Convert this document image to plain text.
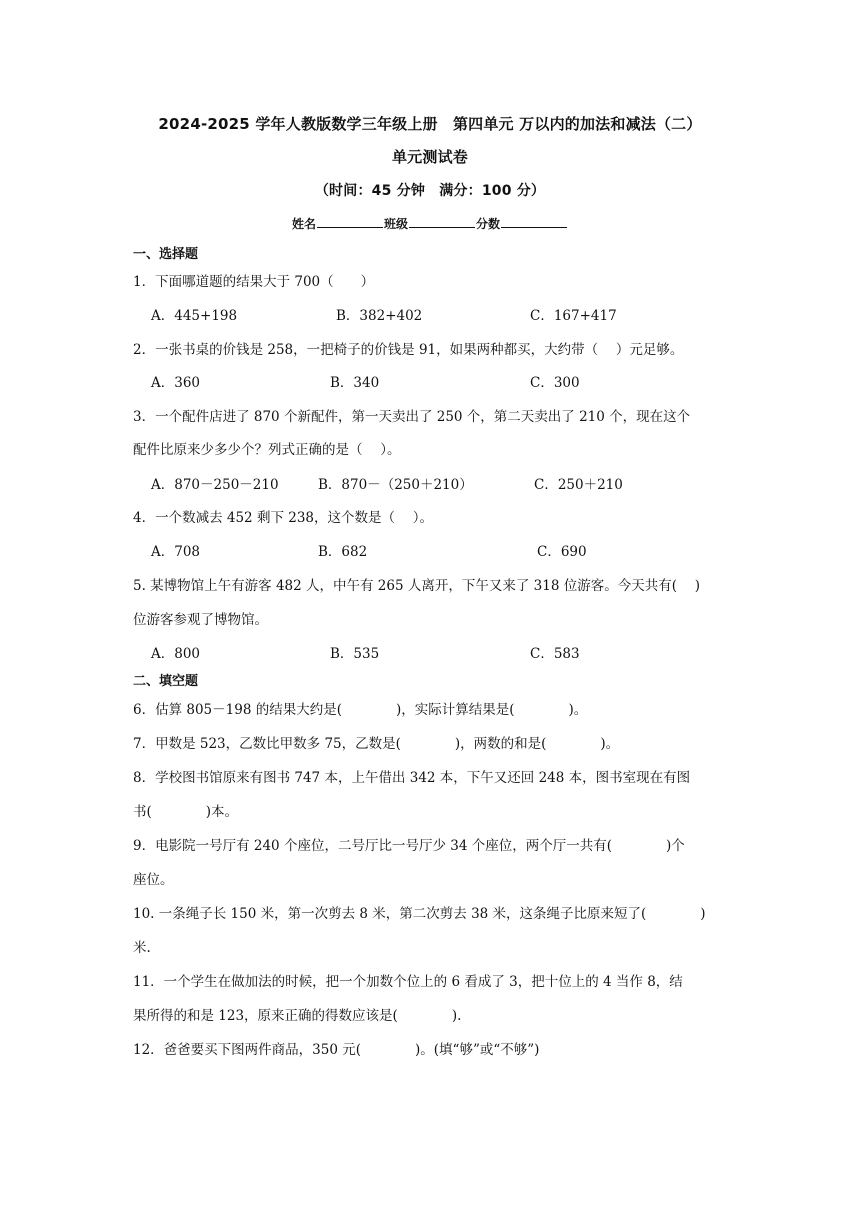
2024-2025 学年人教版数学三年级上册　第四单元 万以内的加法和减法（二）
单元测试卷
（时间：45 分钟　满分：100 分）
姓名	班级	分数
一、选择题
1．下面哪道题的结果大于 700（　　）
A．445+198	B．382+402	C．167+417
2．一张书桌的价钱是 258，一把椅子的价钱是 91，如果两种都买，大约带（　 ）元足够。
A．360	B．340	C．300
3．一个配件店进了 870 个新配件，第一天卖出了 250 个，第二天卖出了 210 个，现在这个
配件比原来少多少个？列式正确的是（　 ）。
A．870－250－210	B．870－（250＋210）	C．250＋210
4．一个数减去 452 剩下 238，这个数是（　 ）。
A．708	B．682	C．690
5. 某博物馆上午有游客 482 人，中午有 265 人离开，下午又来了 318 位游客。今天共有(　 )
位游客参观了博物馆。
A．800	B．535	C．583
二、填空题
6．估算 805－198 的结果大约是(　　　　)，实际计算结果是(　　　　)。
7．甲数是 523，乙数比甲数多 75，乙数是(　　　　)，两数的和是(　　　　)。
8．学校图书馆原来有图书 747 本，上午借出 342 本，下午又还回 248 本，图书室现在有图
书(　　　　)本。
9．电影院一号厅有 240 个座位，二号厅比一号厅少 34 个座位，两个厅一共有(　　　　)个
座位。
10. 一条绳子长 150 米，第一次剪去 8 米，第二次剪去 38 米，这条绳子比原来短了(　　　　)
米.
11．一个学生在做加法的时候，把一个加数个位上的 6 看成了 3，把十位上的 4 当作 8，结
果所得的和是 123，原来正确的得数应该是(　　　　).
12．爸爸要买下图两件商品，350 元(　　　　)。(填“够”或“不够”)
